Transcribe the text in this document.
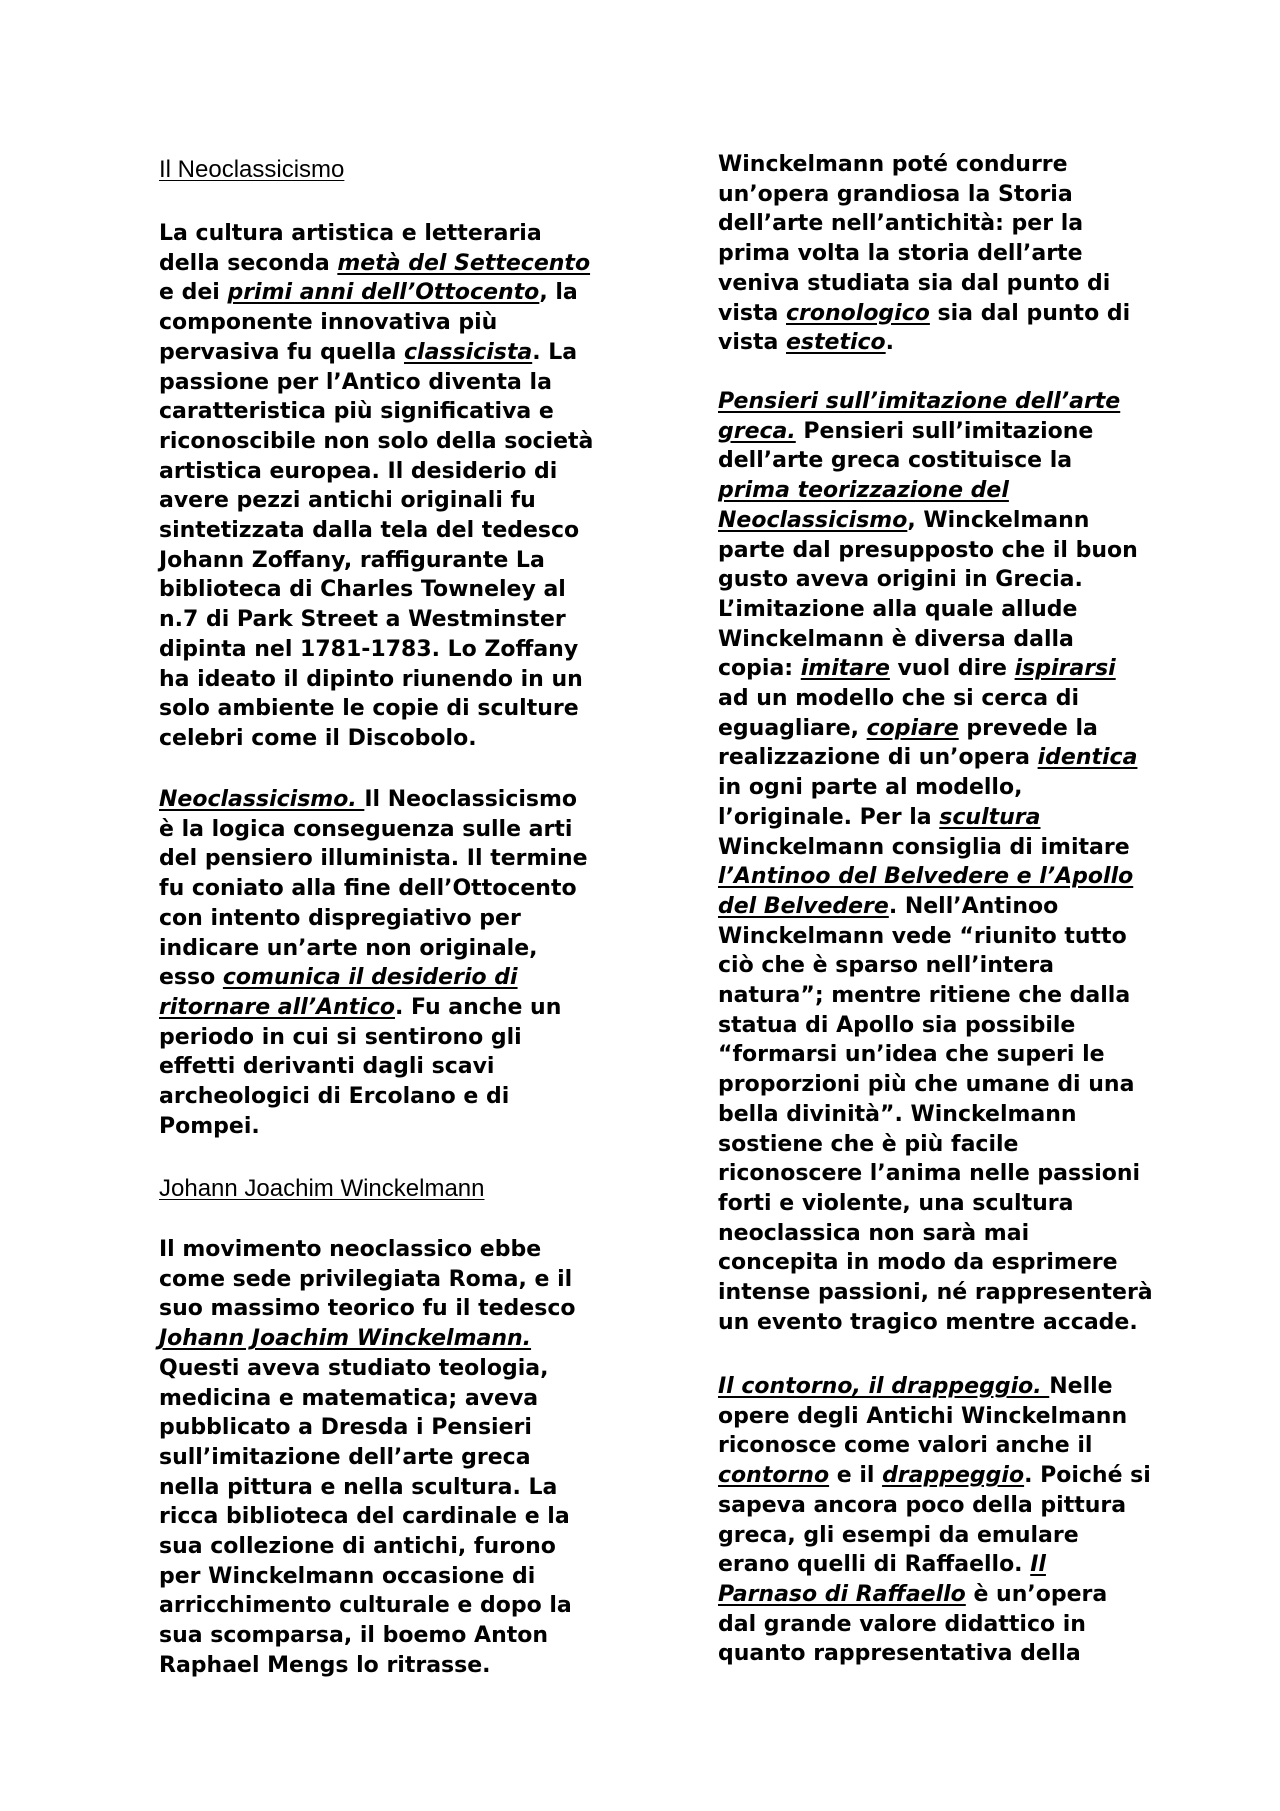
Il Neoclassicismo

La cultura artistica e letteraria
della seconda metà del Settecento
e dei primi anni dell’Ottocento, la
componente innovativa più
pervasiva fu quella classicista. La
passione per l’Antico diventa la
caratteristica più significativa e
riconoscibile non solo della società
artistica europea. Il desiderio di
avere pezzi antichi originali fu
sintetizzata dalla tela del tedesco
Johann Zoffany, raffigurante La
biblioteca di Charles Towneley al
n.7 di Park Street a Westminster
dipinta nel 1781-1783. Lo Zoffany
ha ideato il dipinto riunendo in un
solo ambiente le copie di sculture
celebri come il Discobolo.

Neoclassicismo. Il Neoclassicismo
è la logica conseguenza sulle arti
del pensiero illuminista. Il termine
fu coniato alla fine dell’Ottocento
con intento dispregiativo per
indicare un’arte non originale,
esso comunica il desiderio di
ritornare all’Antico. Fu anche un
periodo in cui si sentirono gli
effetti derivanti dagli scavi
archeologici di Ercolano e di
Pompei.

Johann Joachim Winckelmann

Il movimento neoclassico ebbe
come sede privilegiata Roma, e il
suo massimo teorico fu il tedesco
Johann Joachim Winckelmann.
Questi aveva studiato teologia,
medicina e matematica; aveva
pubblicato a Dresda i Pensieri
sull’imitazione dell’arte greca
nella pittura e nella scultura. La
ricca biblioteca del cardinale e la
sua collezione di antichi, furono
per Winckelmann occasione di
arricchimento culturale e dopo la
sua scomparsa, il boemo Anton
Raphael Mengs lo ritrasse.

Winckelmann poté condurre
un’opera grandiosa la Storia
dell’arte nell’antichità: per la
prima volta la storia dell’arte
veniva studiata sia dal punto di
vista cronologico sia dal punto di
vista estetico.

Pensieri sull’imitazione dell’arte
greca. Pensieri sull’imitazione
dell’arte greca costituisce la
prima teorizzazione del
Neoclassicismo, Winckelmann
parte dal presupposto che il buon
gusto aveva origini in Grecia.
L’imitazione alla quale allude
Winckelmann è diversa dalla
copia: imitare vuol dire ispirarsi
ad un modello che si cerca di
eguagliare, copiare prevede la
realizzazione di un’opera identica
in ogni parte al modello,
l’originale. Per la scultura
Winckelmann consiglia di imitare
l’Antinoo del Belvedere e l’Apollo
del Belvedere. Nell’Antinoo
Winckelmann vede “riunito tutto
ciò che è sparso nell’intera
natura”; mentre ritiene che dalla
statua di Apollo sia possibile
“formarsi un’idea che superi le
proporzioni più che umane di una
bella divinità”. Winckelmann
sostiene che è più facile
riconoscere l’anima nelle passioni
forti e violente, una scultura
neoclassica non sarà mai
concepita in modo da esprimere
intense passioni, né rappresenterà
un evento tragico mentre accade.

Il contorno, il drappeggio. Nelle
opere degli Antichi Winckelmann
riconosce come valori anche il
contorno e il drappeggio. Poiché si
sapeva ancora poco della pittura
greca, gli esempi da emulare
erano quelli di Raffaello. Il
Parnaso di Raffaello è un’opera
dal grande valore didattico in
quanto rappresentativa della
